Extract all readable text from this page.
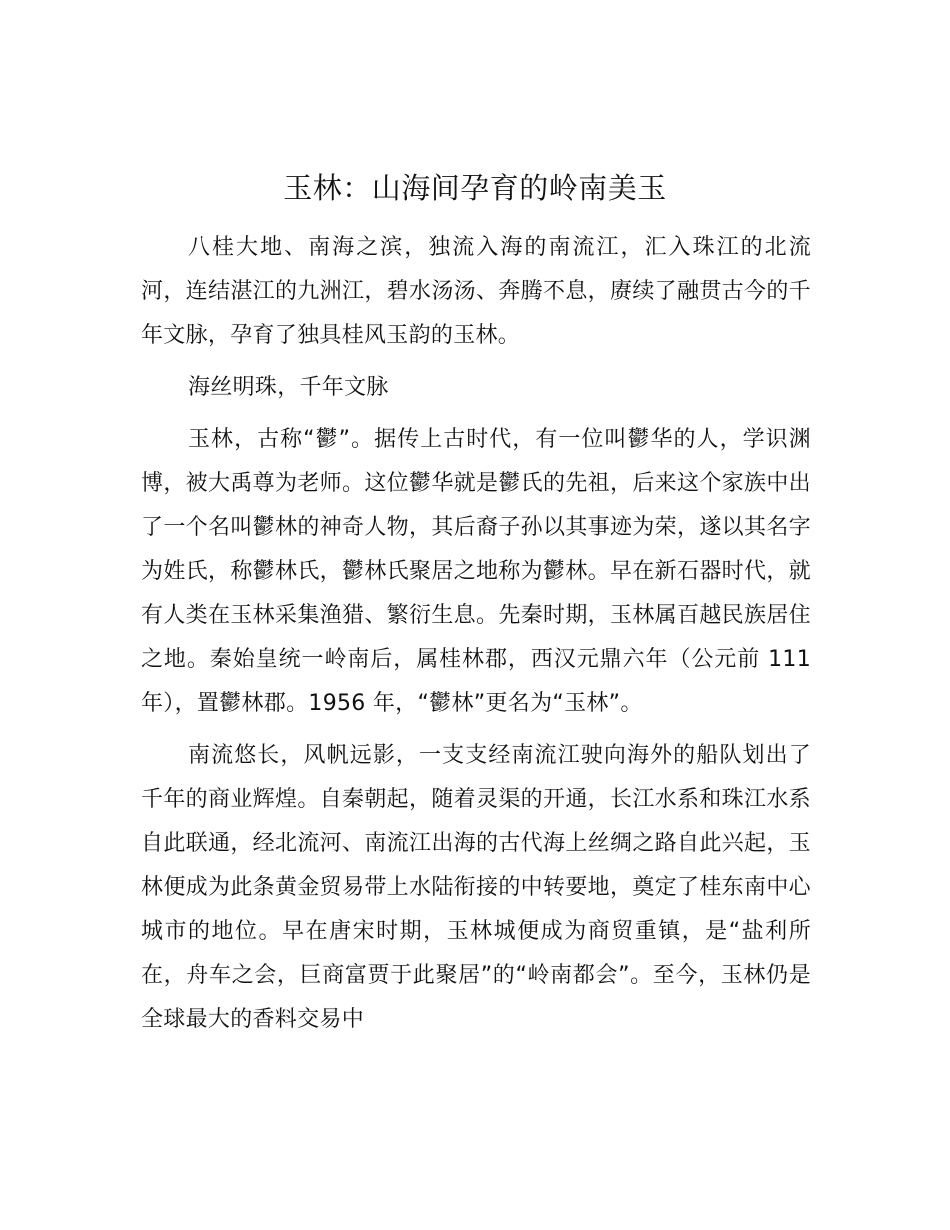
玉林：山海间孕育的岭南美玉

八桂大地、南海之滨，独流入海的南流江，汇入珠江的北流河，连结湛江的九洲江，碧水汤汤、奔腾不息，赓续了融贯古今的千年文脉，孕育了独具桂风玉韵的玉林。

海丝明珠，千年文脉

玉林，古称“鬱”。据传上古时代，有一位叫鬱华的人，学识渊博，被大禹尊为老师。这位鬱华就是鬱氏的先祖，后来这个家族中出了一个名叫鬱林的神奇人物，其后裔子孙以其事迹为荣，遂以其名字为姓氏，称鬱林氏，鬱林氏聚居之地称为鬱林。早在新石器时代，就有人类在玉林采集渔猎、繁衍生息。先秦时期，玉林属百越民族居住之地。秦始皇统一岭南后，属桂林郡，西汉元鼎六年（公元前 111 年），置鬱林郡。1956 年，“鬱林”更名为“玉林”。

南流悠长，风帆远影，一支支经南流江驶向海外的船队划出了千年的商业辉煌。自秦朝起，随着灵渠的开通，长江水系和珠江水系自此联通，经北流河、南流江出海的古代海上丝绸之路自此兴起，玉林便成为此条黄金贸易带上水陆衔接的中转要地，奠定了桂东南中心城市的地位。早在唐宋时期，玉林城便成为商贸重镇，是“盐利所在，舟车之会，巨商富贾于此聚居”的“岭南都会”。至今，玉林仍是全球最大的香料交易中
